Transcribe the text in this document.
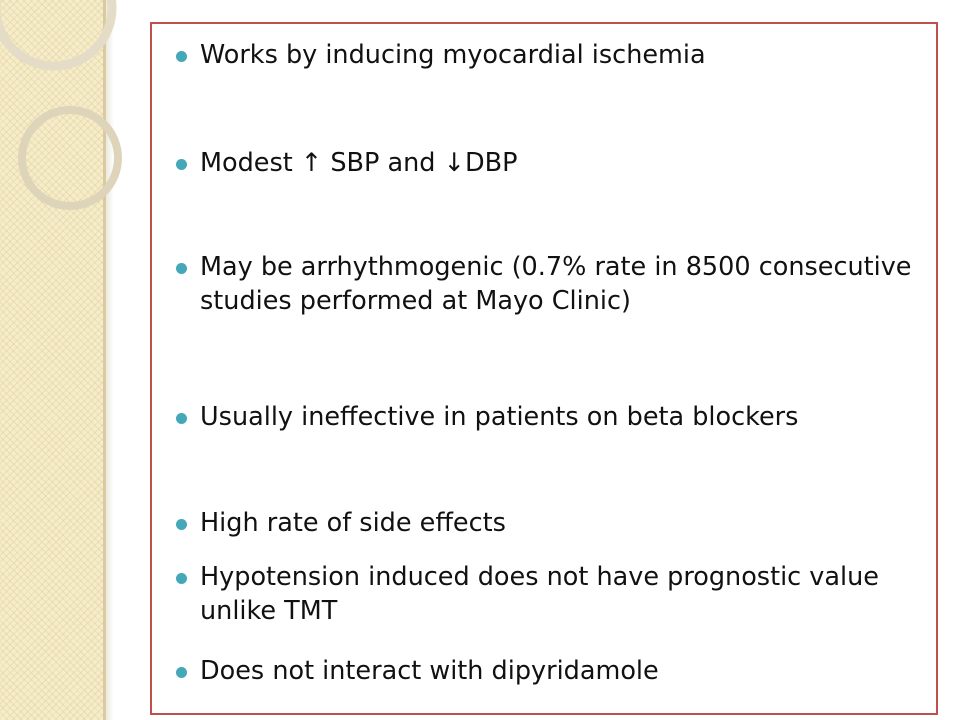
Works by inducing myocardial ischemia
Modest ↑ SBP and ↓DBP
May be arrhythmogenic (0.7% rate in 8500 consecutive studies performed at Mayo Clinic)
Usually ineffective in patients on beta blockers
High rate of side effects
Hypotension induced does not have prognostic value unlike TMT
Does not interact with dipyridamole
